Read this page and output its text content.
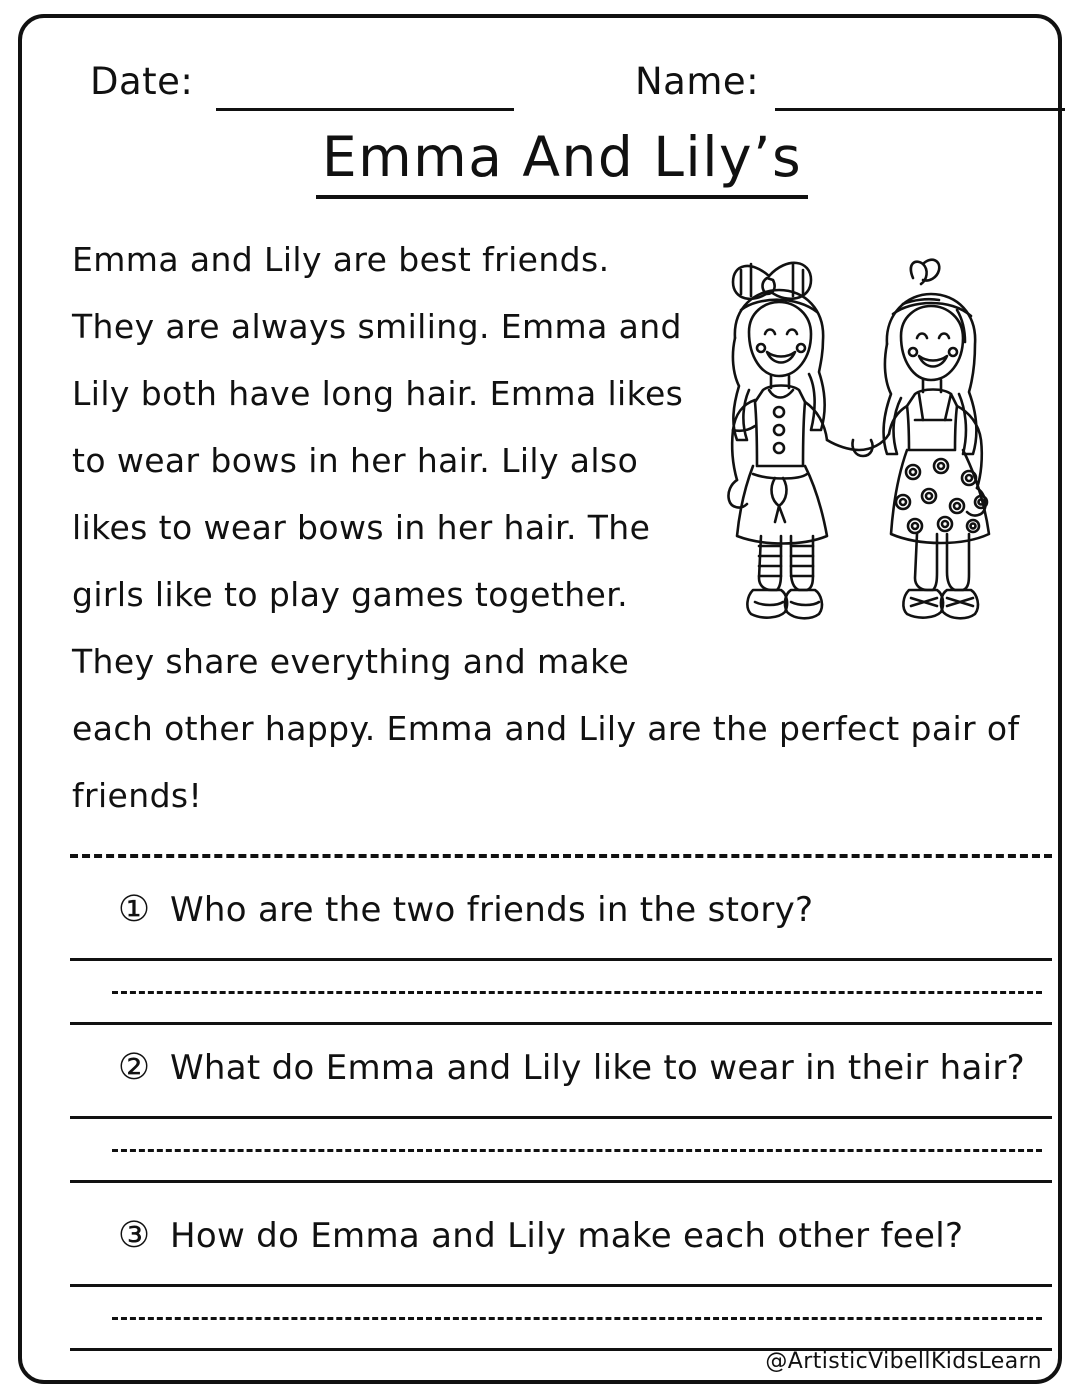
Date:	Name:
Emma And Lily’s

Emma and Lily are best friends. They are always smiling. Emma and Lily both have long hair. Emma likes to wear bows in her hair. Lily also likes to wear bows in her hair. The girls like to play games together. They share everything and make each other happy. Emma and Lily are the perfect pair of friends!

① Who are the two friends in the story?
② What do Emma and Lily like to wear in their hair?
③ How do Emma and Lily make each other feel?
@ArtisticVibellKidsLearn
